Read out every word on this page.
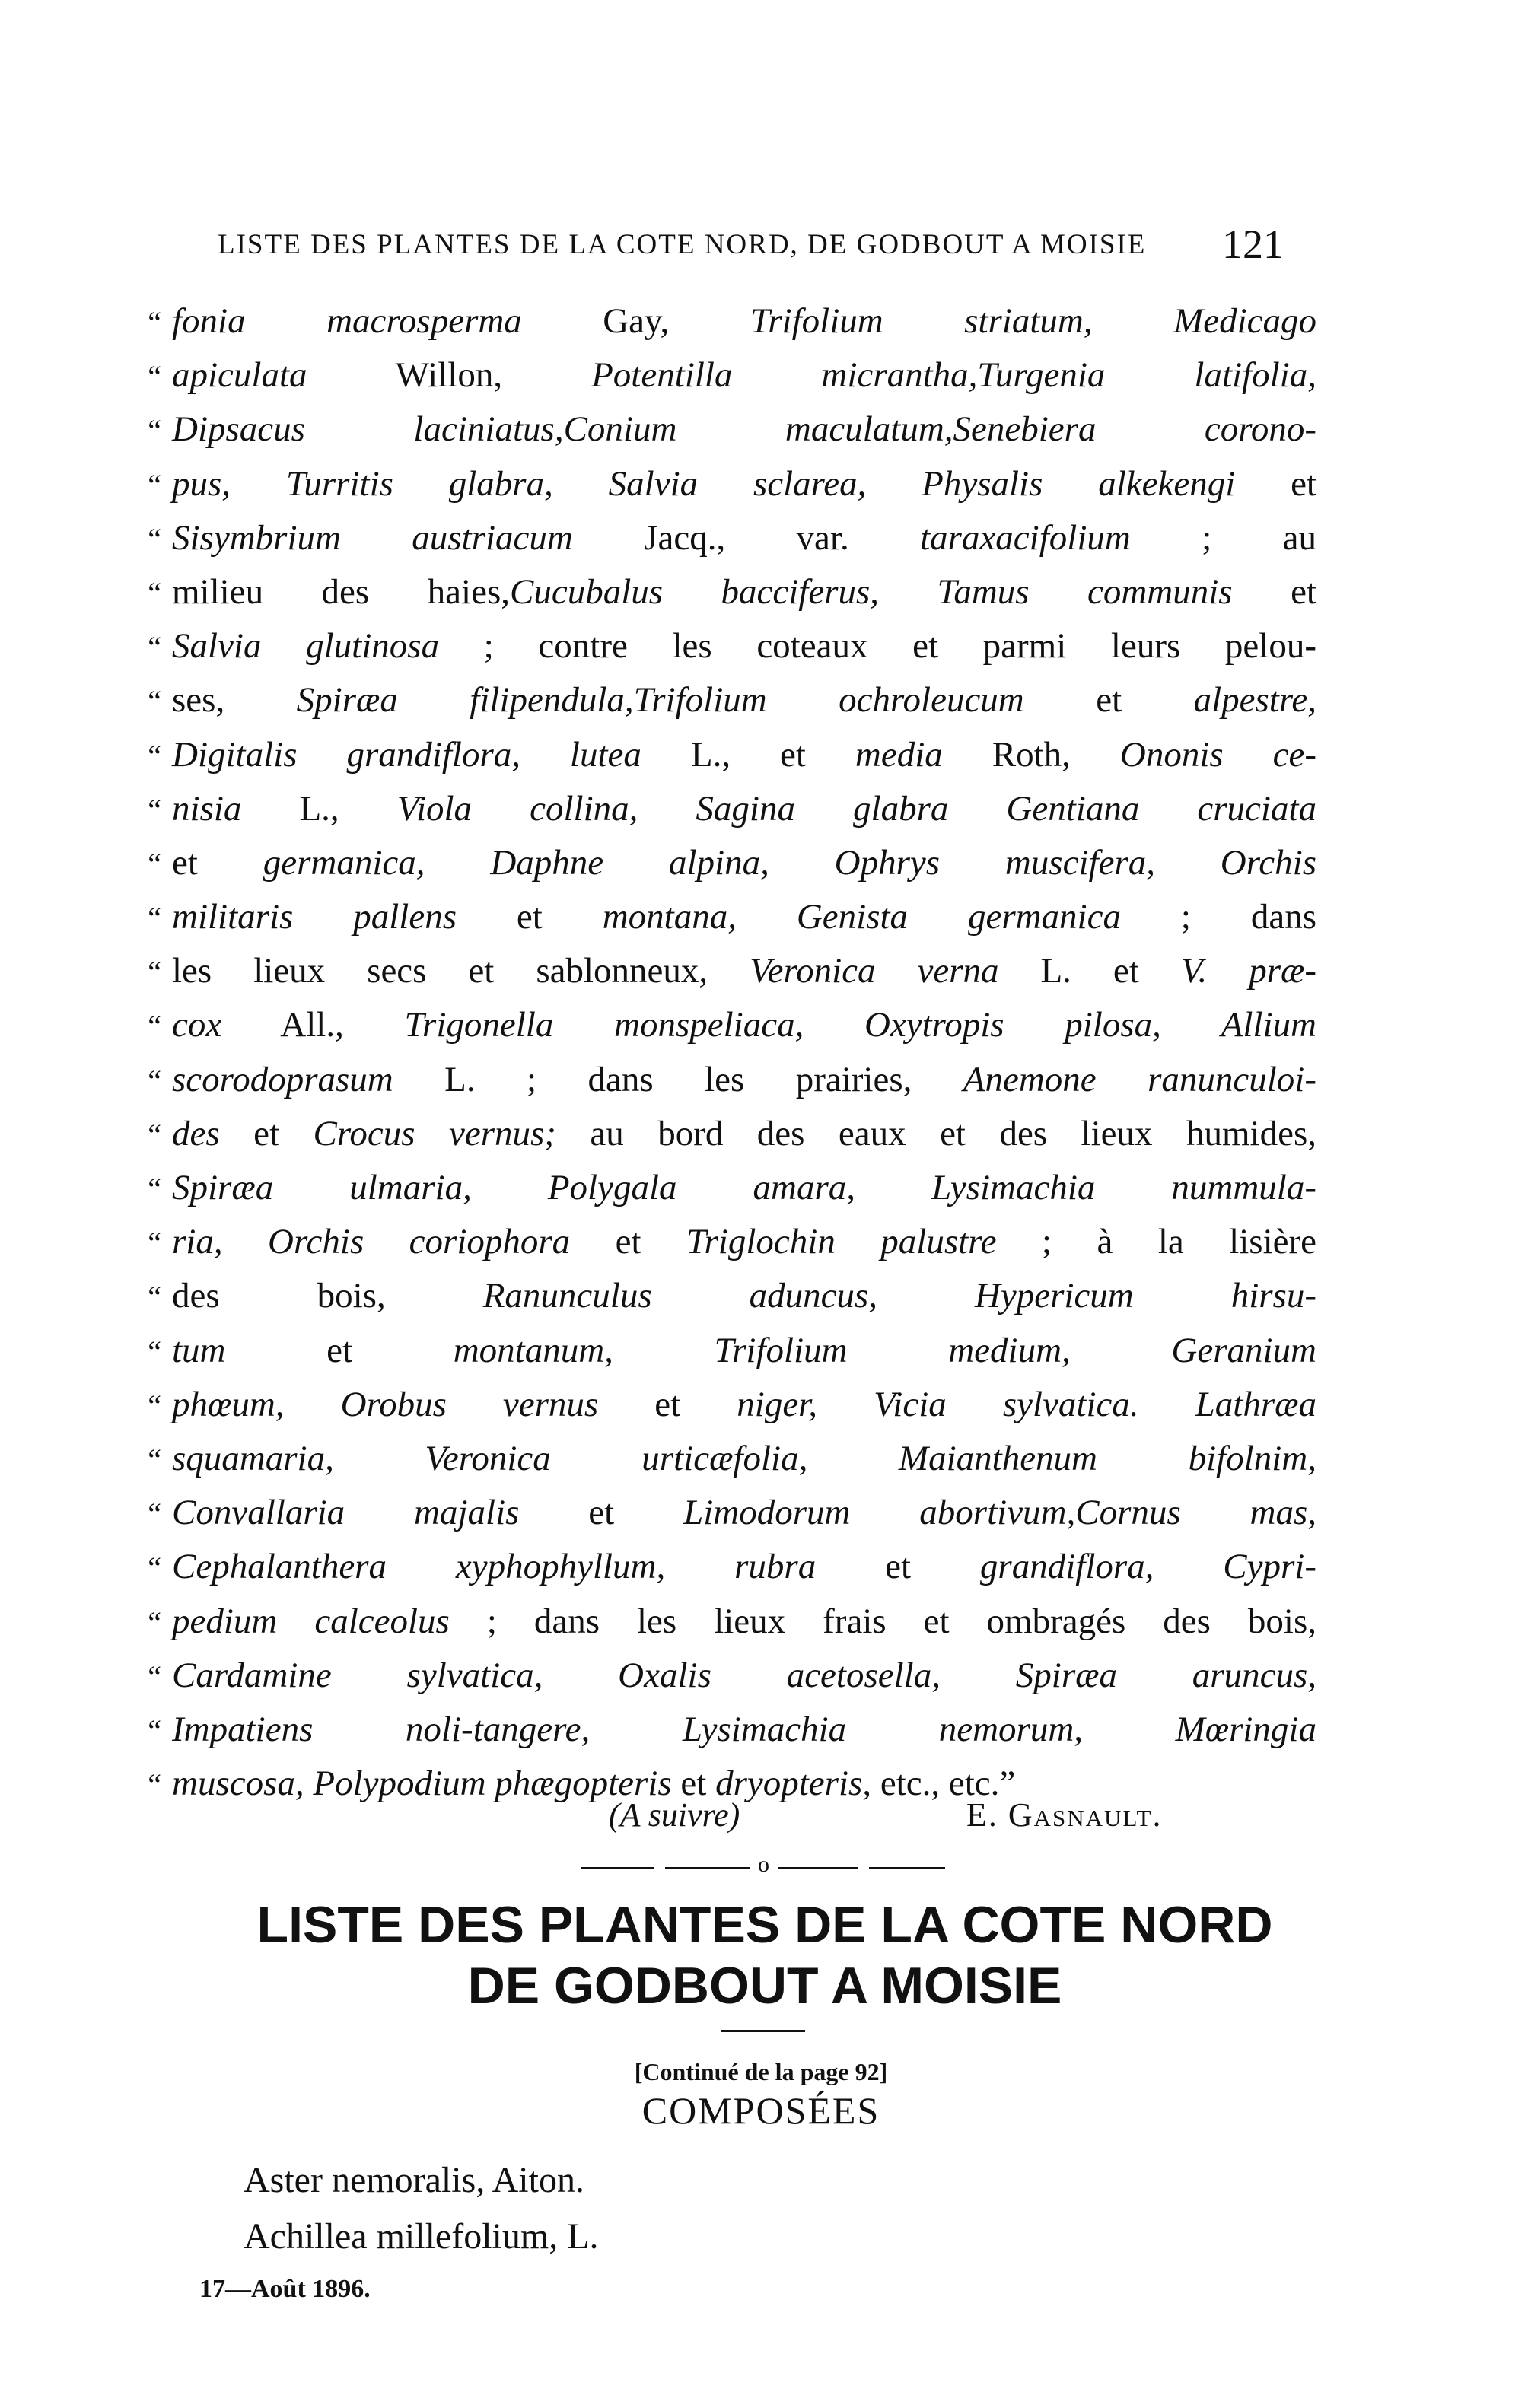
LISTE DES PLANTES DE LA COTE NORD, DE GODBOUT A MOISIE	121
“ fonia macrosperma Gay, Trifolium striatum, Medicago
“ apiculata Willon, Potentilla micrantha,Turgenia latifolia,
“ Dipsacus laciniatus,Conium maculatum,Senebiera corono-
“ pus, Turritis glabra, Salvia sclarea, Physalis alkekengi et
“ Sisymbrium austriacum Jacq., var. taraxacifolium ; au
“ milieu des haies,Cucubalus bacciferus, Tamus communis et
“ Salvia glutinosa ; contre les coteaux et parmi leurs pelou-
“ ses, Spiræa filipendula,Trifolium ochroleucum et alpestre,
“ Digitalis grandiflora, lutea L., et media Roth, Ononis ce-
“ nisia L., Viola collina, Sagina glabra Gentiana cruciata
“ et germanica, Daphne alpina, Ophrys muscifera, Orchis
“ militaris pallens et montana, Genista germanica ; dans
“ les lieux secs et sablonneux, Veronica verna L. et V. præ-
“ cox All., Trigonella monspeliaca, Oxytropis pilosa, Allium
“ scorodoprasum L. ; dans les prairies, Anemone ranunculoi-
“ des et Crocus vernus; au bord des eaux et des lieux humides,
“ Spiræa ulmaria, Polygala amara, Lysimachia nummula-
“ ria, Orchis coriophora et Triglochin palustre ; à la lisière
“ des bois, Ranunculus aduncus, Hypericum hirsu-
“ tum et montanum, Trifolium medium, Geranium
“ phœum, Orobus vernus et niger, Vicia sylvatica. Lathræa
“ squamaria, Veronica urticæfolia, Maianthenum bifolnim,
“ Convallaria majalis et Limodorum abortivum,Cornus mas,
“ Cephalanthera xyphophyllum, rubra et grandiflora, Cypri-
“ pedium calceolus ; dans les lieux frais et ombragés des bois,
“ Cardamine sylvatica, Oxalis acetosella, Spiræa aruncus,
“ Impatiens noli-tangere, Lysimachia nemorum, Mœringia
“ muscosa, Polypodium phægopteris et dryopteris, etc., etc.”
(A suivre)	E. Gasnault.
o
LISTE DES PLANTES DE LA COTE NORD
DE GODBOUT A MOISIE
[Continué de la page 92]
COMPOSÉES
Aster nemoralis, Aiton.
Achillea millefolium, L.
17—Août 1896.
